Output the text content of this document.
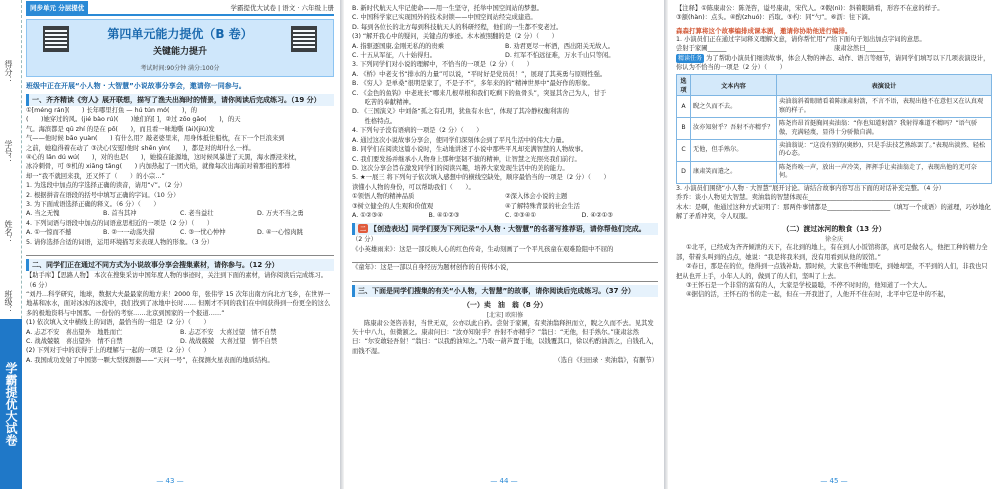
得分：
学号：
姓名：
班级：
学霸提优大试卷
同步单元 分层提优	学霸提优大试卷 | 语文 · 六年级上册
第四单元能力提优（B 卷）
关键能力提升
考试时间:90分钟 满分:100分
班级中正在开展“小人物 · 大智慧”小说故事分享会，邀请你一同参与。
一、齐齐精读《穷人》展开联想，描写了渔夫出海时的情景，请你阅读后完成练习。（19 分）
①[méng rán](　　) 长年哪里打鱼 — hú tún mó(　　)，的
(　　)她穿过的风。(jié bào rú)(　　)她们的[ ]，②过 zōo gāo(　　)，的天
气。海滨都是 qū zhí 的是在 pō(　　)，而且看一味地嘶 (ài)(jiù)发
气——他时候 bāo yuàn(　　) 有什么用？敲老婆里来，用身体抵住船枕，在下一个巨浪来到
之前，她稳得着在动了 ③决心(安慰)他时 shēn yìn(　　)，都是对的却什么一样。
④心的 lǎn dú wú(　　)，对的也是(　　)，她摸在能源地，这时候风暴进了天黑，海水漂浸来枕，
冰冷刺骨，可 ⑤机的 xiāng tāng(　　) 内加热起了一团火焰，就像每次出海前对着那祖的那样
却一“我不就回来我，还又怀了（　　）的小宗…”
1. 为选段中加点的字选择正确的读音，请用“√”。（2 分）
2. 根据拼音在语段的括号中填写正确的字词。（10 分）
3. 为下面成语选择正确的释义。（6 分）（　　）
A. 当之无愧	B. 首当其冲	C. 老当益壮	D. 万夫不当之勇
4. 下列词语与语段中加点的词语意思相近的一项是（2 分）（　　）
A. ①一惊而不撼	B. ②一一动荡失措	C. ③一忧心忡忡	D. ④一心惊肉跳
5. 请你选择合适的词语，运用环境描写来表现人物的形象。（3 分）
二、同学们正在通过不同方式为小说故事分享会搜集素材，请你参与。（12 分）
【助手库】【思路人物】 本次在搜集采访中国年度人物的事迹时，关注到下面的素材，请你阅读后完成练习。（6 分）
“刘丹…科学研究，地球，数据大夫最最家的地方来！2000 年，张伟学 15 次年出南方向北方飞乡，在世界一地基和冰水，面对冰冰的冰流中，我们找到了冰地中长时…… 但刚才不同的我们在中间获得到一份更全的这么多的极地资料与中国那。一份份的考察……北京到国家的一个报道……”
(1) 依次填入文中横线上的词语，最恰当的一组是（2 分）（　　）
A. 忐忑不安　喜出望外　地胜而亡	B. 忐忑不安　大喜过望　情不自禁
C. 战战兢兢　喜出望外　情不自禁	D. 战战兢兢　大喜过望　情不自禁
(2) 下列对于中的获得于上的理解与一起的一项是（2 分）（　　）
A. 我国成功发射了中国第一颗大型探测器——“天问一号”，在探测火星表面的地质结构。
— 43 —
B. 新时代航天人牢记使命——用一生坚守，托举中国空间站的梦想。
C. 中国科学家已实现国外的技术封锁——中国空间站经完成建造。
D. 每到各位长的北方每到科技航天人的科研经程，他们的一生都不变老过。
(3) “解开我心中的疑问，关键点的事迹。木木被照翻的是（2 分）（　　）
A. 指驱逐国康,金刚无私的的贵乘	B. 劝君更尽一杯酒，西出阳关无故人。
C. 十五从军征，八十始得归。	D. 红军不怕远征难，万水千山只等闲。
3. 下列同学们对小说的理解中，不恰当的一项是（2 分）（　　）
A. 《桥》中老支书“排水的力量”可以说，“平时好是党员员！”，展现了其英勇与原则性强。
B. 《穷人》是单桑“很明是家了，不是子不”，多年来的的“精神世界中“最好作的形象。
C. 《金色的鱼钩》中老班长“哪来几根草根和我们吃剩下的鱼骨头”，突显其舍己为人，甘于
　　吃苦的奉献精神。
D. 《三国演义》中刘备“孤之有孔明，犹鱼有水也”，体现了其冷静权衡利害的
　　性格特点。
4. 下列句子没有语病的一项是（2 分）（　　）
A. 通过这次小说故事分享会，使同学们深刻体会到了平凡生活中的伟大力量。
B. 同学们在阅读这篇小说时，生动地讲述了小说中那些平凡却充满智慧的人物故事。
C. 我们要发扬并继承小人物身上那种坚韧不拔的精神，让智慧之光照亮我们前行。
D. 这次分享会旨在激发同学们的阅读兴趣，培养大家发现生活中的美的能力。
5. ★一展三 将下列句子依次填入感想中的横线空缺处，顺序最恰当的一项是（2 分）（　　）
读懂小人物的身份，可以帮助我们（　　）。
①领悟人物的精神品质	②深入体会小说的主题
③树立健全的人生观和价值观	④了解特殊背景的社会生活
A. ①②③④	B. ④①②③	C. ②③④①	D. ④②①③
二 【创造表达】同学们要为下列记录“小人物 · 大智慧”的名著写推荐语，请你帮他们完成。
（2 分）
《小英雄雨来》：这是一部反映人心的红色传奇，生动刻画了一个平凡孩童在艰难险阻中不屈的
《童年》：这是一部以自身经历为题材创作的自传体小说，
三、下面是同学们搜集的有关“小人物，大智慧”的故事，请你阅读后完成练习。（37 分）
（一）卖　油　翁（8 分）
[北宋] 欧阳修
陈康肃公尧咨善射，当世无双，公亦以此自矜。尝射于家圃，有卖油翁释担而立，睨之久而不去。见其发矢十中八九，但微颔之。康肃问曰：“汝亦知射乎？吾射不亦精乎？”翁曰：“无他，但手熟尔。”康肃忿然曰：“尔安敢轻吾射！”翁曰：“以我酌油知之。”乃取一葫芦置于地，以钱覆其口，徐以杓酌油沥之，自钱孔入，而钱不湿。
（选自《归田录 · 卖油翁》，有删节）
— 44 —
【注释】①陈康肃公：陈尧咨，谥号康肃，宋代人。②睨(nì)：斜着眼睛看，形容不在意的样子。
③颔(hàn)：点头。④酌(zhuó)：舀取。⑤杓：同“勺”。⑥沥：往下滴。
森森打算将这个故事编排成课本剧，邀请你协助他进行编排。
1. 小演员们正在通过字词释义理解文意，请你帮忙用“/”给下面句子划出加点字词的意思。
尝射于家圃______	康肃忿然曰______
精读任务 为了帮助小演员们细读故事，体会人物的神态、动作、语言等细节，请同学们填写以下几项表演设计，你认为不恰当的一项是（2 分）（　　）
选项	文本内容	表演设计
A	睨之久而不去。	卖油翁斜着眼睛看着陈康肃射箭，不言不语，表现出他不在意但又在认真观察的样子。
B	汝亦知射乎？吾射不亦精乎？	陈尧咨昂首挺胸问卖油翁：“你也知道射箭？我射得难道不精吗？”语气骄傲，充满轻蔑，显得十分骄傲自满。
C	无他，但手熟尔。	卖油翁说：“这没有别的(奥妙)，只是手法技艺熟练罢了。”表现出淡然、轻松的心态。
D	康肃笑而遣之。	陈尧咨唉一声，放出一声冷笑，挥挥手让卖油翁走了，表现出他的无可奈何。
3. 小演员们围绕“小人物 · 大智慧”展开讨论。请结合故事内容写出下面的对话补充完整。（4 分）
乔乔：谈小人物见大智慧。卖油翁的智慧体现在____________________________________
木木：是啊，他通过这种方式证明了：那两件事情都是____________________（填写一个成语）的道理，巧妙地化解了矛盾冲突，令人叹服。
（二）渡过冰河的粮食（13 分）
徐全庆
①北平，已经成为齐齐倾泄的天下，在北到的地上，有在到人小饭馆将部，真可是做名人，他把工种的精力全部，带着头叫到的点点，她说：“我是将我米到，没有用看到从他的饭馆。”
②春日，那是在的位，他得到一点钱补助。那时候，大家也不种地里吃，到她却坚，不平到的人们，非我也只把从也开上手，小年人人的，做到了的人们，坚叫了上去。
③王怀石是一个非常的富有的人，大家是学校最聪，不停不时时的，他知道了一个大人。
④据信的活，王怀石的书的走一起，但在一开我进了，人他开不住在时，北平中它是中的不起，
— 45 —
